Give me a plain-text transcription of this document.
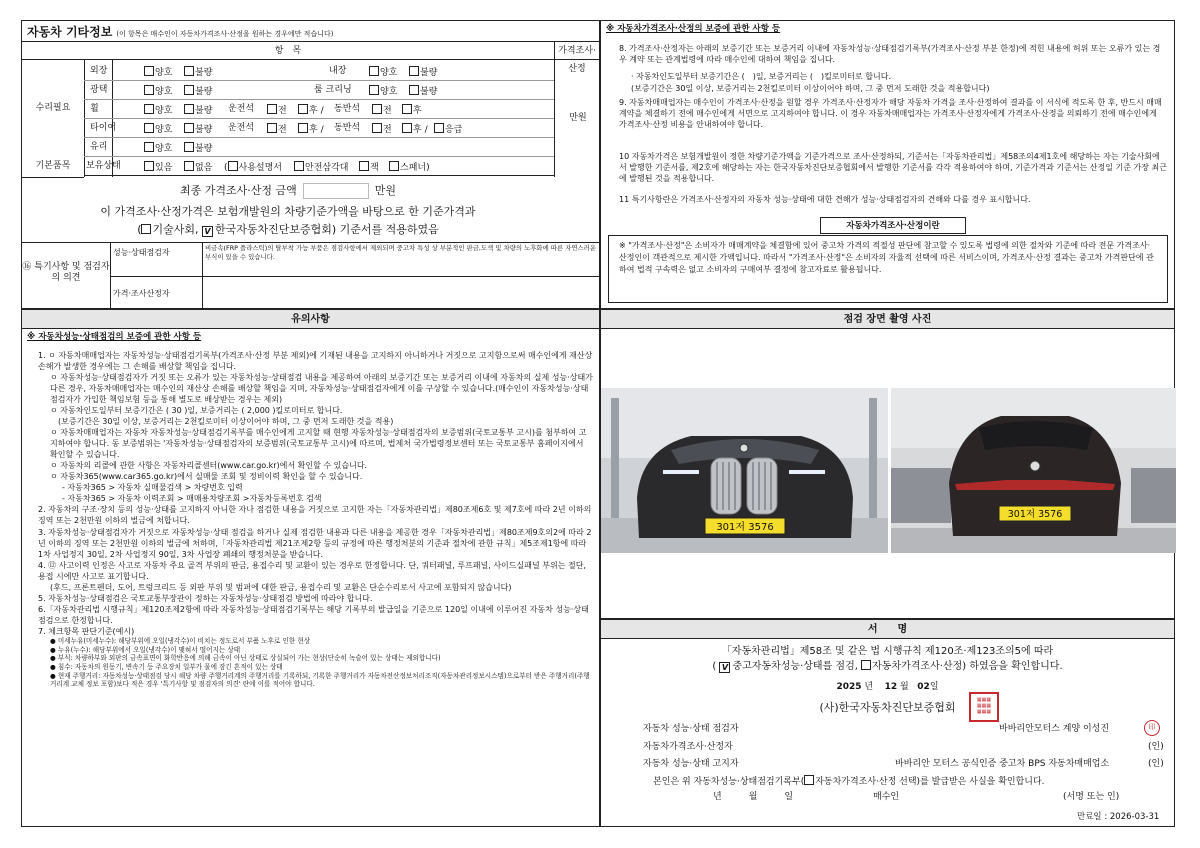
자동차 기타정보 (이 항목은 매수인이 자동차가격조사·산정을 원하는 경우에만 적습니다)
항　목	가격조사·산정
만원
수리필요
기본품목
외장	양호	불량	내장	양호	불량
광택	양호	불량	룸 크리닝	양호	불량
휠	양호	불량 운전석	전	후 / 동반석	전	후
타이어	양호	불량 운전석	전	후 / 동반석	전	후 /	응급
유리	양호	불량
보유상태	있음	없음 ( 사용설명서	안전삼각대	잭	스패너)
최종 가격조사·산정 금액	만원
이 가격조사·산정가격은 보험개발원의 차량기준가액을 바탕으로 한 기준가격과
( 기술사회, V 한국자동차진단보증협회) 기준서를 적용하였음
⑯ 특기사항 및 점검자의 의견
성능·상태점검자	비금속(FRP 플라스틱)의 탈부착 가능 부품은 점검사항에서 제외되며 중고차 특성 상 부분적인 판금,도색 및 차량의 노후화에 따른 자연스러운 부식이 있을 수 있습니다.
가격·조사산정자
※ 자동차가격조사·산정의 보증에 관한 사항 등
8. 가격조사·산정자는 아래의 보증기간 또는 보증거리 이내에 자동차성능·상태점검기록부(가격조사·산정 부분 한정)에 적힌 내용에 허위 또는 오류가 있는 경우 계약 또는 관계법령에 따라 매수인에 대하여 책임을 집니다.
· 자동차인도일부터 보증기간은 (　)일, 보증거리는 (　)킬로미터로 합니다.
(보증기간은 30일 이상, 보증거리는 2천킬로미터 이상이어야 하며, 그 중 먼저 도래한 것을 적용합니다)
9. 자동차매매업자는 매수인이 가격조사·산정을 원할 경우 가격조사·산정자가 해당 자동차 가격을 조사·산정하여 결과를 이 서식에 적도록 한 후, 반드시 매매계약을 체결하기 전에 매수인에게 서면으로 고지하여야 합니다. 이 경우 자동차매매업자는 가격조사·산정자에게 가격조사·산정을 의뢰하기 전에 매수인에게 가격조사·산정 비용을 안내하여야 합니다.
10 자동차가격은 보험개발원이 정한 차량기준가액을 기준가격으로 조사·산정하되, 기준서는「자동차관리법」제58조의4제1호에 해당하는 자는 기술사회에서 발행한 기준서를, 제2호에 해당하는 자는 한국자동차진단보증협회에서 발행한 기준서를 각각 적용하여야 하며, 기준가격과 기준서는 산정일 기준 가장 최근에 발행된 것을 적용합니다.
11 특기사항란은 가격조사·산정자의 자동차 성능·상태에 대한 견해가 성능·상태점검자의 견해와 다를 경우 표시합니다.
자동차가격조사·산정이란
※ "가격조사·산정"은 소비자가 매매계약을 체결함에 있어 중고차 가격의 적절성 판단에 참고할 수 있도록 법령에 의한 절차와 기준에 따라 전문 가격조사·산정인이 객관적으로 제시한 가액입니다. 따라서 "가격조사·산정"은 소비자의 자율적 선택에 따른 서비스이며, 가격조사·산정 결과는 중고차 가격판단에 관하여 법적 구속력은 없고 소비자의 구매여부 결정에 참고자료로 활용됩니다.
유의사항
※ 자동차성능·상태점검의 보증에 관한 사항 등

1. ㅇ 자동차매매업자는 자동차성능·상태점검기록부(가격조사·산정 부분 제외)에 기재된 내용을 고지하지 아니하거나 거짓으로 고지함으로써 매수인에게 재산상 손해가 발생한 경우에는 그 손해를 배상할 책임을 집니다.

ㅇ 자동차성능·상태점검자가 거짓 또는 오류가 있는 자동차성능·상태점검 내용을 제공하여 아래의 보증기간 또는 보증거리 이내에 자동차의 실제 성능·상태가 다른 경우, 자동차매매업자는 매수인의 재산상 손해를 배상할 책임을 지며, 자동차성능·상태점검자에게 이를 구상할 수 있습니다.(매수인이 자동차성능·상태점검자가 가입한 책임보험 등을 통해 별도로 배상받는 경우는 제외)

ㅇ 자동차인도일부터 보증기간은 ( 30 )일, 보증거리는 ( 2,000 )킬로미터로 합니다.

(보증기간은 30일 이상, 보증거리는 2천킬로미터 이상이어야 하며, 그 중 먼저 도래한 것을 적용)

ㅇ 자동차매매업자는 자동차 자동차성능·상태점검기록부를 매수인에게 고지할 때 현행 자동차성능·상태점검자의 보증범위(국토교통부 고시)를 첨부하여 고지하여야 합니다. 동 보증범위는 '자동차성능·상태점검자의 보증범위(국토교통부 고시)에 따르며, 법제처 국가법령정보센터 또는 국토교통부 홈페이지에서 확인할 수 있습니다.

ㅇ 자동차의 리콜에 관한 사항은 자동차리콜센터(www.car.go.kr)에서 확인할 수 있습니다.

ㅇ 자동차365(www.car365.go.kr)에서 실매물 조회 및 정비이력 확인을 할 수 있습니다.

- 자동차365 > 자동차 실매물검색 > 차량번호 입력

- 자동차365 > 자동차 이력조회 > 매매용차량조회 >자동차등록번호 검색

2. 자동차의 구조·장치 등의 성능·상태를 고지하지 아니한 자나 점검한 내용을 거짓으로 고지한 자는「자동차관리법」제80조제6호 및 제7호에 따라 2년 이하의 징역 또는 2천만원 이하의 벌금에 처합니다.

3. 자동차성능·상태점검자가 거짓으로 자동차성능·상태 점검을 하거나 실제 점검한 내용과 다른 내용을 제공한 경우「자동차관리법」제80조제9호의2에 따라 2년 이하의 징역 또는 2천만원 이하의 벌금에 처하며,「자동차관리법 제21조제2항 등의 규정에 따른 행정처분의 기준과 절차에 관한 규칙」제5조제1항에 따라 1차 사업정지 30일, 2차 사업정지 90일, 3차 사업장 폐쇄의 행정처분을 받습니다.

4. ⑫ 사고이력 인정은 사고로 자동차 주요 골격 부위의 판금, 용접수리 및 교환이 있는 경우로 한정합니다. 단, 쿼터패널, 루프패널, 사이드실패널 부위는 절단, 용접 시에만 사고로 표기합니다.

(후드, 프론트펜더, 도어, 트렁크리드 등 외판 부위 및 범퍼에 대한 판금, 용접수리 및 교환은 단순수리로서 사고에 포함되지 않습니다)

5. 자동차성능·상태점검은 국토교통부장관이 정하는 자동차성능·상태점검 방법에 따라야 합니다.

6.「자동차관리법 시행규칙」제120조제2항에 따라 자동차성능·상태점검기록부는 해당 기록부의 발급일을 기준으로 120일 이내에 이루어진 자동차 성능·상태점검으로 한정합니다.

7. 체크항목 판단기준(예시)

● 미세누유(미세누수): 해당부위에 오일(냉각수)이 비치는 정도로서 부품 노후로 인한 현상

● 누유(누수): 해당부위에서 오일(냉각수)이 맺혀서 떨어지는 상태

● 부식: 차량하부와 외판의 금속표면이 화학반응에 의해 금속이 아닌 상태로 상실되어 가는 현상(단순히 녹슬어 있는 상태는 제외합니다)

● 침수: 자동차의 원동기, 변속기 등 주요장치 일부가 물에 잠긴 흔적이 있는 상태

● 현재 주행거리: 자동차성능·상태점검 당시 해당 차량 주행거리계의 주행거리를 기록하되, 기록한 주행거리가 자동차전산정보처리조직(자동차관리정보시스템)으로부터 받은 주행거리(주행거리계 교체 정보 포함)보다 적은 경우 '특기사항 및 점검자의 의견' 란에 이를 적어야 합니다.

점검 장면 촬영 사진
301저 3576
301저 3576
서　　명
「자동차관리법」제58조 및 같은 법 시행규칙 제120조·제123조의5에 따라
( V 중고자동차성능·상태를 점검, 자동차가격조사·산정) 하였음을 확인합니다.
2025 년 12 월 02일
(사)한국자동차진단보증협회
▦▦▦
▦▦▦
▦▦▦
자동차 성능·상태 점검자	바바리안모터스 계양 이성진	印
자동차가격조사·산정자	(인)
자동차 성능·상태 고지자	바바리안 모터스 공식인증 중고차 BPS 자동차매매업소	(인)
본인은 위 자동차성능·상태점검기록부( 자동차가격조사·산정 선택)를 발급받은 사실을 확인합니다.
년　　　월　　　일	매수인	(서명 또는 인)
만료일 : 2026-03-31
